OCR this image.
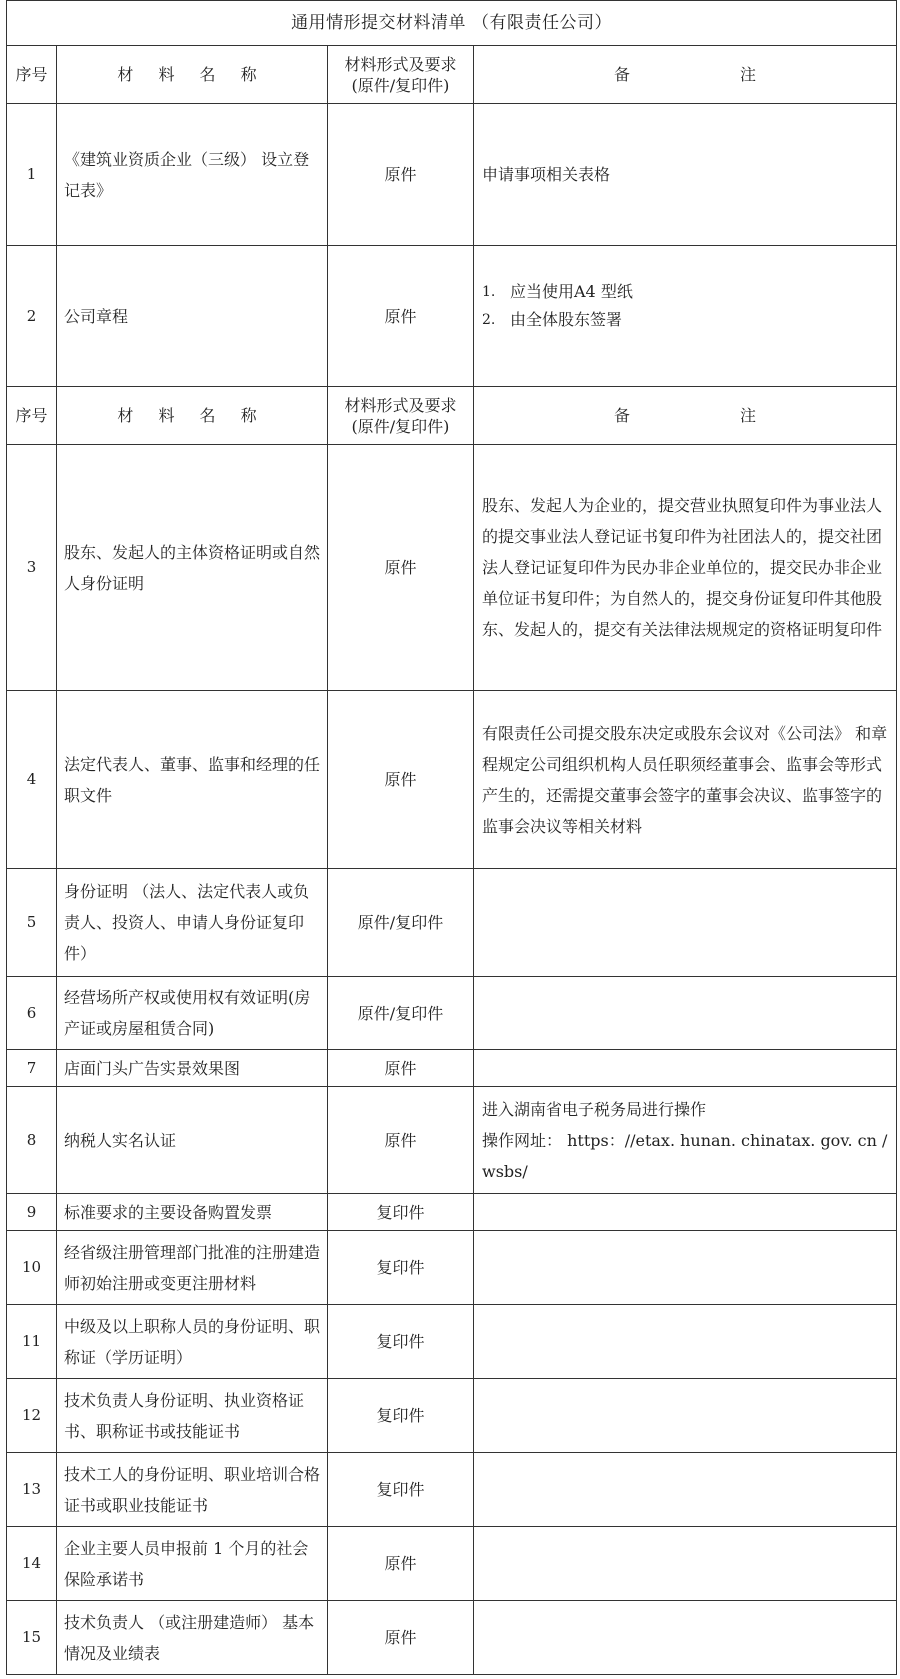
通用情形提交材料清单 （有限责任公司）			
序号	材 料 名 称	材料形式及要求
(原件/复印件)	备 注
1	《建筑业资质企业（三级） 设立登记表》	原件	申请事项相关表格
2	公司章程	原件	1. 应当使用A4 型纸
2. 由全体股东签署

序号	材 料 名 称	材料形式及要求
(原件/复印件)	备 注
3	股东、发起人的主体资格证明或自然人身份证明	原件	股东、发起人为企业的，提交营业执照复印件为事业法人的提交事业法人登记证书复印件为社团法人的，提交社团法人登记证复印件为民办非企业单位的，提交民办非企业单位证书复印件；为自然人的，提交身份证复印件其他股东、发起人的，提交有关法律法规规定的资格证明复印件
4	法定代表人、董事、监事和经理的任职文件	原件	有限责任公司提交股东决定或股东会议对《公司法》 和章程规定公司组织机构人员任职须经董事会、监事会等形式产生的，还需提交董事会签字的董事会决议、监事签字的监事会决议等相关材料
5	身份证明 （法人、法定代表人或负责人、投资人、申请人身份证复印件）	原件/复印件	
6	经营场所产权或使用权有效证明(房产证或房屋租赁合同)	原件/复印件	
7	店面门头广告实景效果图	原件	
8	纳税人实名认证	原件	进入湖南省电子税务局进行操作
操作网址： https：//etax. hunan. chinatax. gov. cn / wsbs/

9	标准要求的主要设备购置发票	复印件	
10	经省级注册管理部门批准的注册建造师初始注册或变更注册材料	复印件	
11	中级及以上职称人员的身份证明、职称证（学历证明）	复印件	
12	技术负责人身份证明、执业资格证书、职称证书或技能证书	复印件	
13	技术工人的身份证明、职业培训合格证书或职业技能证书	复印件	
14	企业主要人员申报前 1 个月的社会保险承诺书	原件	
15	技术负责人 （或注册建造师） 基本情况及业绩表	原件	
